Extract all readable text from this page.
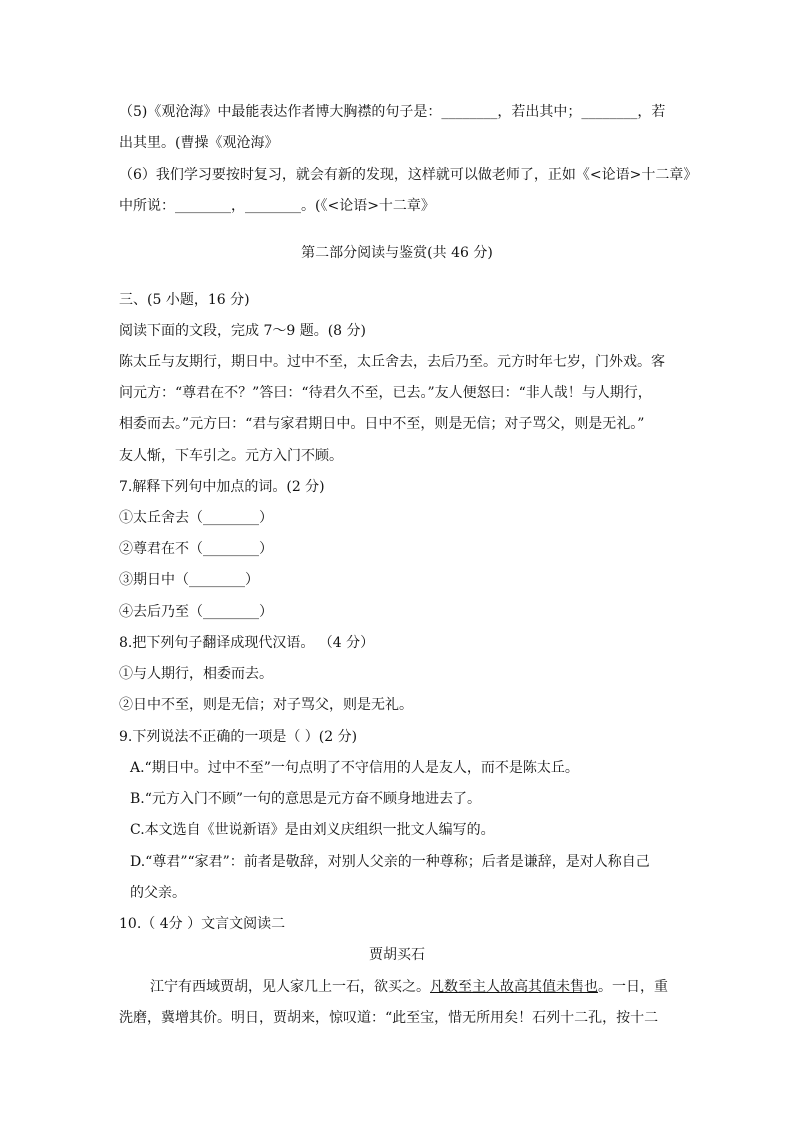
（5)《观沧海》中最能表达作者博大胸襟的句子是：________，若出其中；________，若
出其里。(曹操《观沧海》
（6）我们学习要按时复习，就会有新的发现，这样就可以做老师了，正如《<论语>十二章》
中所说：________，________。(《<论语>十二章》
第二部分阅读与鉴赏(共 46 分)
三、(5 小题，16 分)
阅读下面的文段，完成 7～9 题。(8 分)
陈太丘与友期行，期日中。过中不至，太丘舍去，去后乃至。元方时年七岁，门外戏。客
问元方：“尊君在不？”答曰：“待君久不至，已去。”友人便怒曰：“非人哉！与人期行，
相委而去。”元方曰：“君与家君期日中。日中不至，则是无信；对子骂父，则是无礼。”
友人惭，下车引之。元方入门不顾。
7.解释下列句中加点的词。(2 分)
①太丘舍去（________）
②尊君在不（________）
③期日中（________）
④去后乃至（________）
8.把下列句子翻译成现代汉语。 （4 分）
①与人期行，相委而去。
②日中不至，则是无信；对子骂父，则是无礼。
9.下列说法不正确的一项是（ ）(2 分)
A.“期日中。过中不至”一句点明了不守信用的人是友人，而不是陈太丘。
B.“元方入门不顾”一句的意思是元方奋不顾身地进去了。
C.本文选自《世说新语》是由刘义庆组织一批文人编写的。
D.“尊君”“家君”：前者是敬辞，对别人父亲的一种尊称；后者是谦辞，是对人称自己
的父亲。
10.（ 4分 ）文言文阅读二
贾胡买石
江宁有西域贾胡，见人家几上一石，欲买之。凡数至主人故高其值未售也。一日，重
洗磨，冀增其价。明日，贾胡来，惊叹道：“此至宝，惜无所用矣！石列十二孔，按十二
